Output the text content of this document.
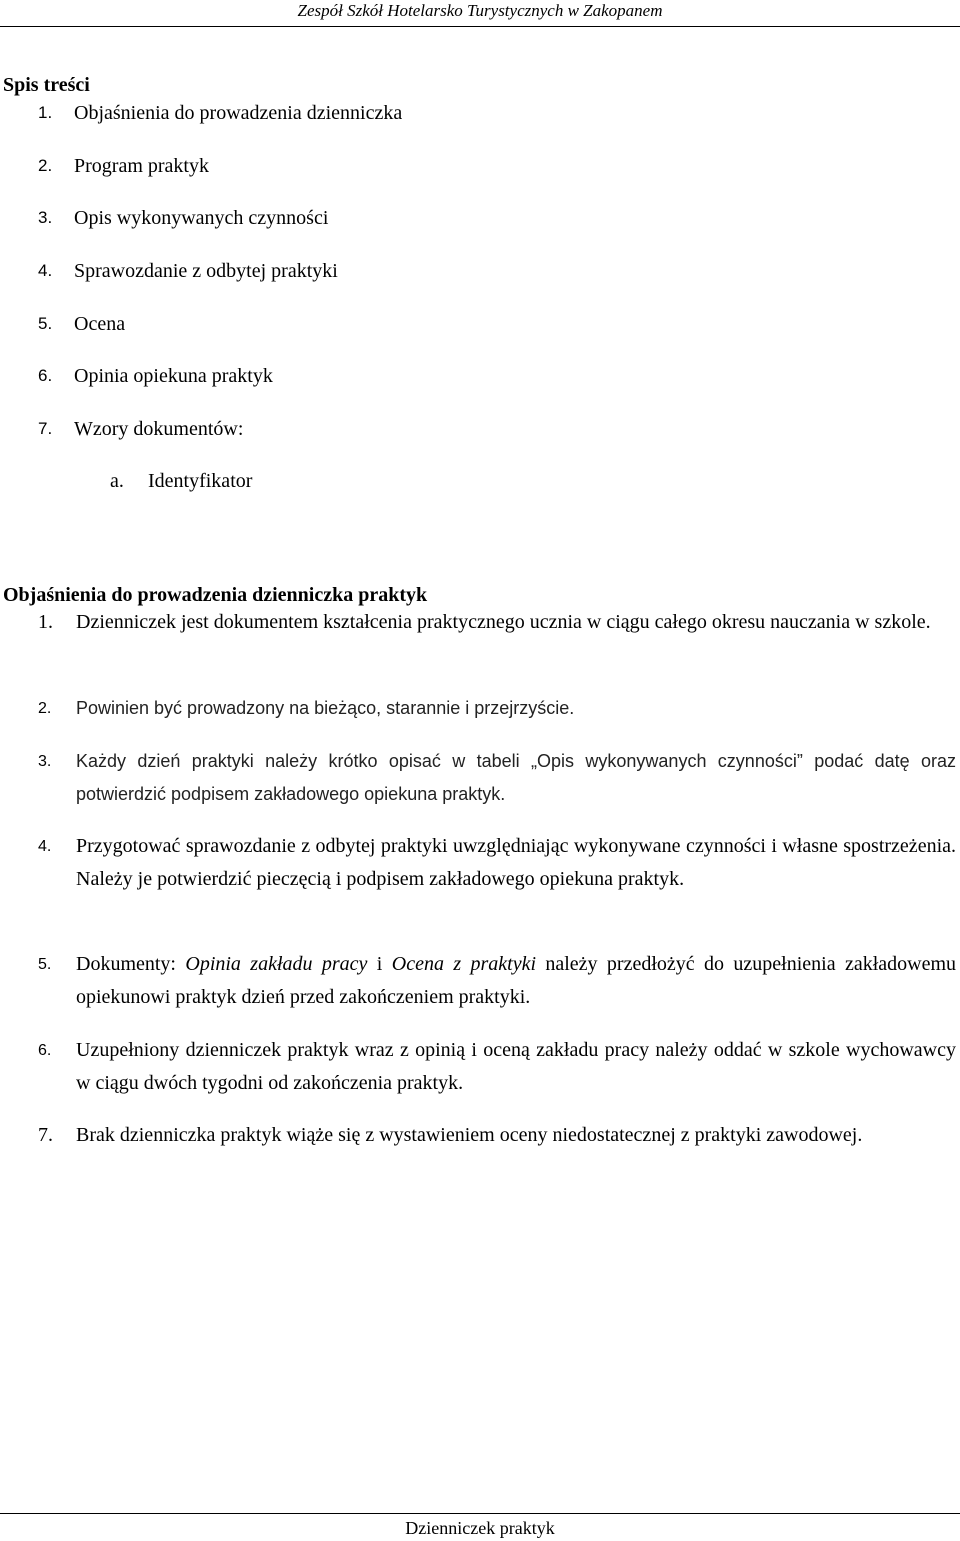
Zespół Szkół Hotelarsko Turystycznych w Zakopanem
Spis treści
1. Objaśnienia do prowadzenia dzienniczka
2. Program praktyk
3. Opis wykonywanych czynności
4. Sprawozdanie z odbytej praktyki
5. Ocena
6. Opinia opiekuna praktyk
7. Wzory dokumentów:
a. Identyfikator
Objaśnienia do prowadzenia dzienniczka praktyk
1. Dzienniczek jest dokumentem kształcenia praktycznego ucznia w ciągu całego okresu nauczania w szkole.
2. Powinien być prowadzony na bieżąco, starannie i przejrzyście.
3. Każdy dzień praktyki należy krótko opisać w tabeli „Opis wykonywanych czynności” podać datę oraz potwierdzić podpisem zakładowego opiekuna praktyk.
4. Przygotować sprawozdanie z odbytej praktyki uwzględniając wykonywane czynności i własne spostrzeżenia. Należy je potwierdzić pieczęcią i podpisem zakładowego opiekuna praktyk.
5. Dokumenty: Opinia zakładu pracy i Ocena z praktyki należy przedłożyć do uzupełnienia zakładowemu opiekunowi praktyk dzień przed zakończeniem praktyki.
6. Uzupełniony dzienniczek praktyk wraz z opinią i oceną zakładu pracy należy oddać w szkole wychowawcy w ciągu dwóch tygodni od zakończenia praktyk.
7. Brak dzienniczka praktyk wiąże się z wystawieniem oceny niedostatecznej z praktyki zawodowej.
Dzienniczek praktyk
